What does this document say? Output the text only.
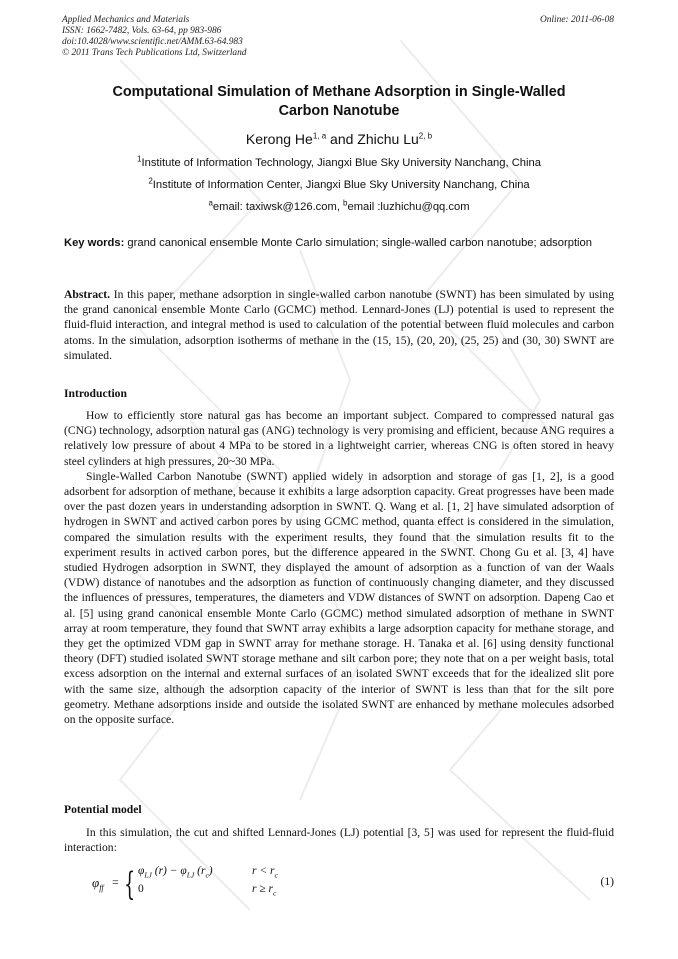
Applied Mechanics and Materials
ISSN: 1662-7482, Vols. 63-64, pp 983-986
doi:10.4028/www.scientific.net/AMM.63-64.983
© 2011 Trans Tech Publications Ltd, Switzerland
Online: 2011-06-08
Computational Simulation of Methane Adsorption in Single-Walled
Carbon Nanotube
Kerong He$^{1, a}$ and Zhichu Lu$^{2, b}$
$^1$Institute of Information Technology, Jiangxi Blue Sky University Nanchang, China
$^2$Institute of Information Center, Jiangxi Blue Sky University Nanchang, China
$^a$email: taxiwsk@126.com, $^b$email :luzhichu@qq.com
Key words: grand canonical ensemble Monte Carlo simulation; single-walled carbon nanotube; adsorption
Abstract. In this paper, methane adsorption in single-walled carbon nanotube (SWNT) has been simulated by using the grand canonical ensemble Monte Carlo (GCMC) method. Lennard-Jones (LJ) potential is used to represent the fluid-fluid interaction, and integral method is used to calculation of the potential between fluid molecules and carbon atoms. In the simulation, adsorption isotherms of methane in the (15, 15), (20, 20), (25, 25) and (30, 30) SWNT are simulated.
Introduction

How to efficiently store natural gas has become an important subject. Compared to compressed natural gas (CNG) technology, adsorption natural gas (ANG) technology is very promising and efficient, because ANG requires a relatively low pressure of about 4 MPa to be stored in a lightweight carrier, whereas CNG is often stored in heavy steel cylinders at high pressures, 20~30 MPa.

Single-Walled Carbon Nanotube (SWNT) applied widely in adsorption and storage of gas [1, 2], is a good adsorbent for adsorption of methane, because it exhibits a large adsorption capacity. Great progresses have been made over the past dozen years in understanding adsorption in SWNT. Q. Wang et al. [1, 2] have simulated adsorption of hydrogen in SWNT and actived carbon pores by using GCMC method, quanta effect is considered in the simulation, compared the simulation results with the experiment results, they found that the simulation results fit to the experiment results in actived carbon pores, but the difference appeared in the SWNT. Chong Gu et al. [3, 4] have studied Hydrogen adsorption in SWNT, they displayed the amount of adsorption as a function of van der Waals (VDW) distance of nanotubes and the adsorption as function of continuously changing diameter, and they discussed the influences of pressures, temperatures, the diameters and VDW distances of SWNT on adsorption. Dapeng Cao et al. [5] using grand canonical ensemble Monte Carlo (GCMC) method simulated adsorption of methane in SWNT array at room temperature, they found that SWNT array exhibits a large adsorption capacity for methane storage, and they get the optimized VDM gap in SWNT array for methane storage. H. Tanaka et al. [6] using density functional theory (DFT) studied isolated SWNT storage methane and silt carbon pore; they note that on a per weight basis, total excess adsorption on the internal and external surfaces of an isolated SWNT exceeds that for the idealized slit pore with the same size, although the adsorption capacity of the interior of SWNT is less than that for the silt pore geometry. Methane adsorptions inside and outside the isolated SWNT are enhanced by methane molecules adsorbed on the opposite surface.

Potential model

In this simulation, the cut and shifted Lennard-Jones (LJ) potential [3, 5] was used for represent the fluid-fluid interaction:

$\varphi_{ff}$ = { $\varphi_{LJ}$ $(r) - \varphi_{LJ}$ $(r_c)$	$r < r_c$
0	$r \ge r_c$
(1)
